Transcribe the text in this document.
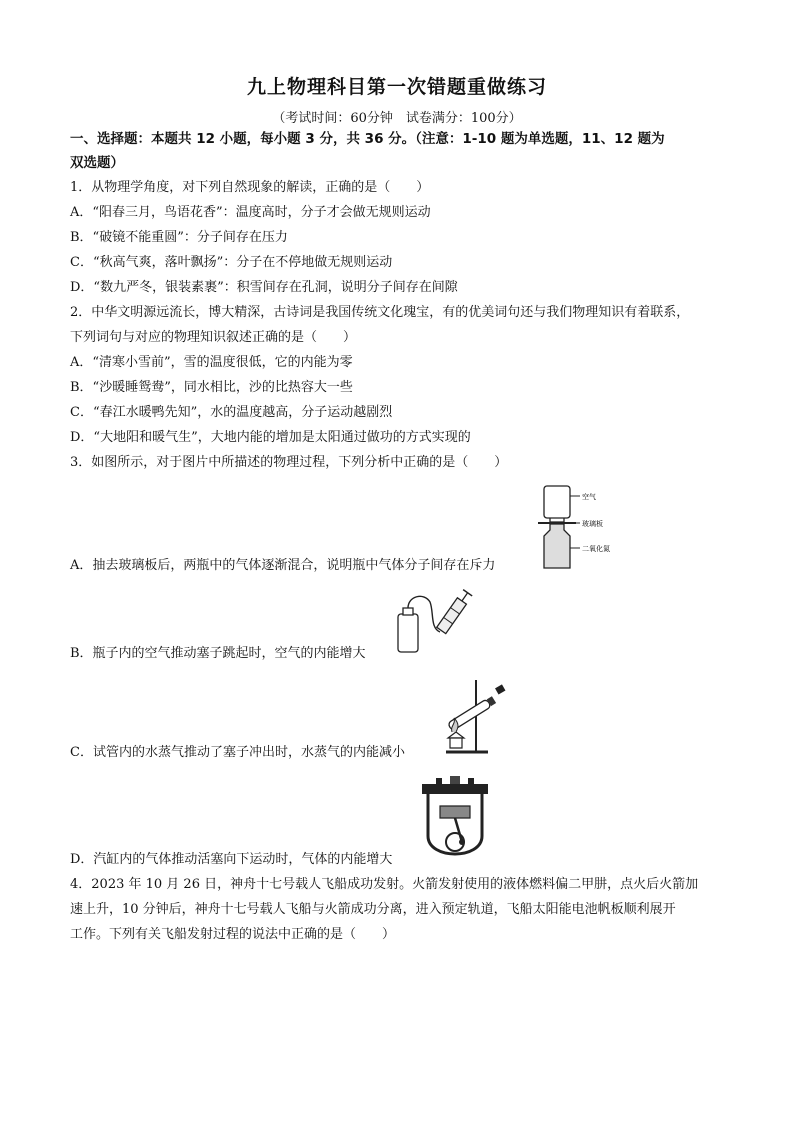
九上物理科目第一次错题重做练习
（考试时间：60分钟　试卷满分：100分）
一、选择题：本题共 12 小题，每小题 3 分，共 36 分。（注意：1-10 题为单选题，11、12 题为
双选题）
1．从物理学角度，对下列自然现象的解读，正确的是（　　）
A．“阳春三月，鸟语花香”：温度高时，分子才会做无规则运动
B．“破镜不能重圆”：分子间存在压力
C．“秋高气爽，落叶飘扬”：分子在不停地做无规则运动
D．“数九严冬，银装素裹”：积雪间存在孔洞，说明分子间存在间隙
2．中华文明源远流长，博大精深，古诗词是我国传统文化瑰宝，有的优美词句还与我们物理知识有着联系，
下列词句与对应的物理知识叙述正确的是（　　）
A．“清寒小雪前”，雪的温度很低，它的内能为零
B．“沙暖睡鸳鸯”，同水相比，沙的比热容大一些
C．“春江水暖鸭先知”，水的温度越高，分子运动越剧烈
D．“大地阳和暖气生”，大地内能的增加是太阳通过做功的方式实现的
3．如图所示，对于图片中所描述的物理过程，下列分析中正确的是（　　）
空气
玻璃板
二氧化氮
A．抽去玻璃板后，两瓶中的气体逐渐混合，说明瓶中气体分子间存在斥力
B．瓶子内的空气推动塞子跳起时，空气的内能增大
C．试管内的水蒸气推动了塞子冲出时，水蒸气的内能减小
D．汽缸内的气体推动活塞向下运动时，气体的内能增大
4．2023 年 10 月 26 日，神舟十七号载人飞船成功发射。火箭发射使用的液体燃料偏二甲肼，点火后火箭加
速上升，10 分钟后，神舟十七号载人飞船与火箭成功分离，进入预定轨道，飞船太阳能电池帆板顺利展开
工作。下列有关飞船发射过程的说法中正确的是（　　）
